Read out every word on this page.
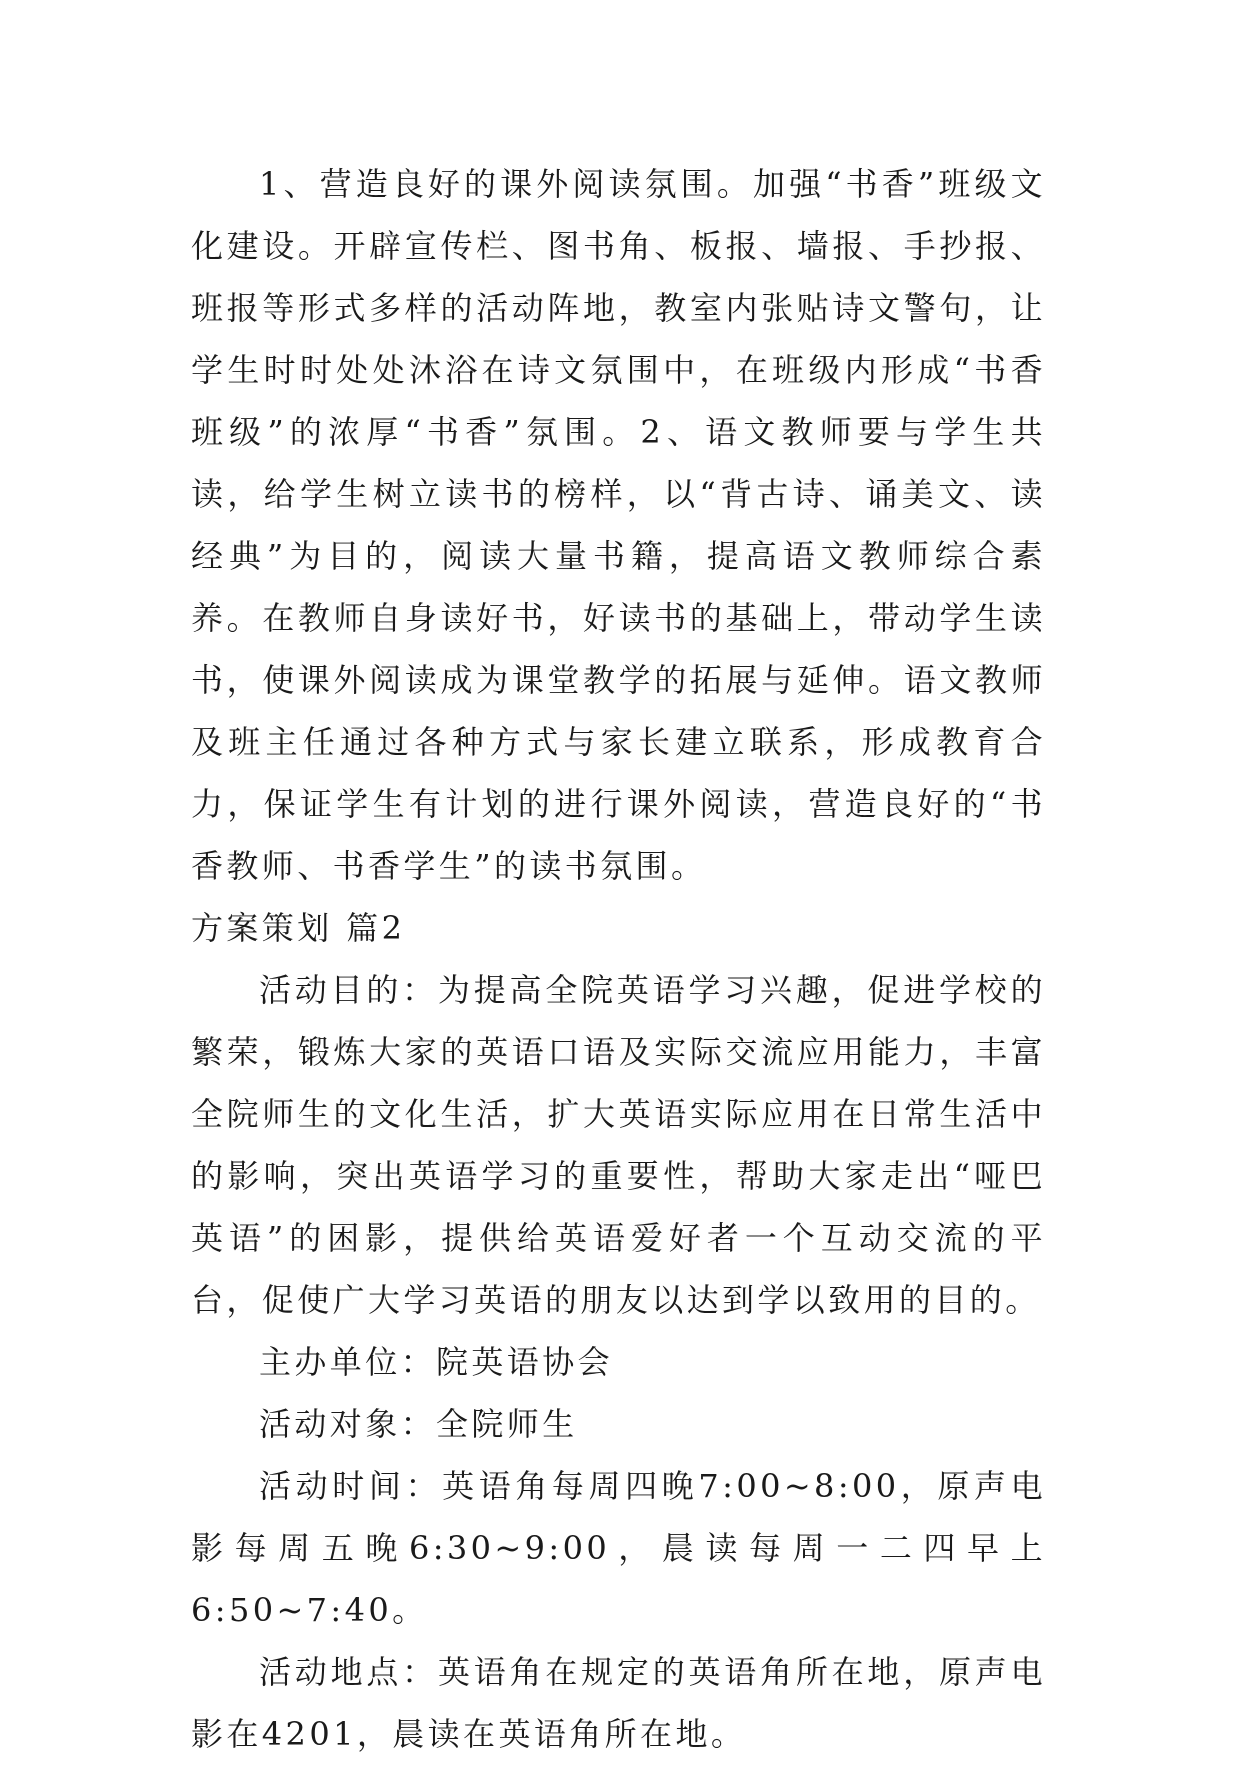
1、营造良好的课外阅读氛围。加强“书香”班级文化建设。开辟宣传栏、图书角、板报、墙报、手抄报、班报等形式多样的活动阵地，教室内张贴诗文警句，让学生时时处处沐浴在诗文氛围中，在班级内形成“书香班级”的浓厚“书香”氛围。2、语文教师要与学生共读，给学生树立读书的榜样，以“背古诗、诵美文、读经典”为目的，阅读大量书籍，提高语文教师综合素养。在教师自身读好书，好读书的基础上，带动学生读书，使课外阅读成为课堂教学的拓展与延伸。语文教师及班主任通过各种方式与家长建立联系，形成教育合力，保证学生有计划的进行课外阅读，营造良好的“书香教师、书香学生”的读书氛围。

方案策划 篇2

活动目的：为提高全院英语学习兴趣，促进学校的繁荣，锻炼大家的英语口语及实际交流应用能力，丰富全院师生的文化生活，扩大英语实际应用在日常生活中的影响，突出英语学习的重要性，帮助大家走出“哑巴英语”的困影，提供给英语爱好者一个互动交流的平台，促使广大学习英语的朋友以达到学以致用的目的。

主办单位：院英语协会

活动对象：全院师生

活动时间：英语角每周四晚7:00~8:00，原声电影每周五晚6:30~9:00，晨读每周一二四早上6:50~7:40。

活动地点：英语角在规定的英语角所在地，原声电影在4201，晨读在英语角所在地。
